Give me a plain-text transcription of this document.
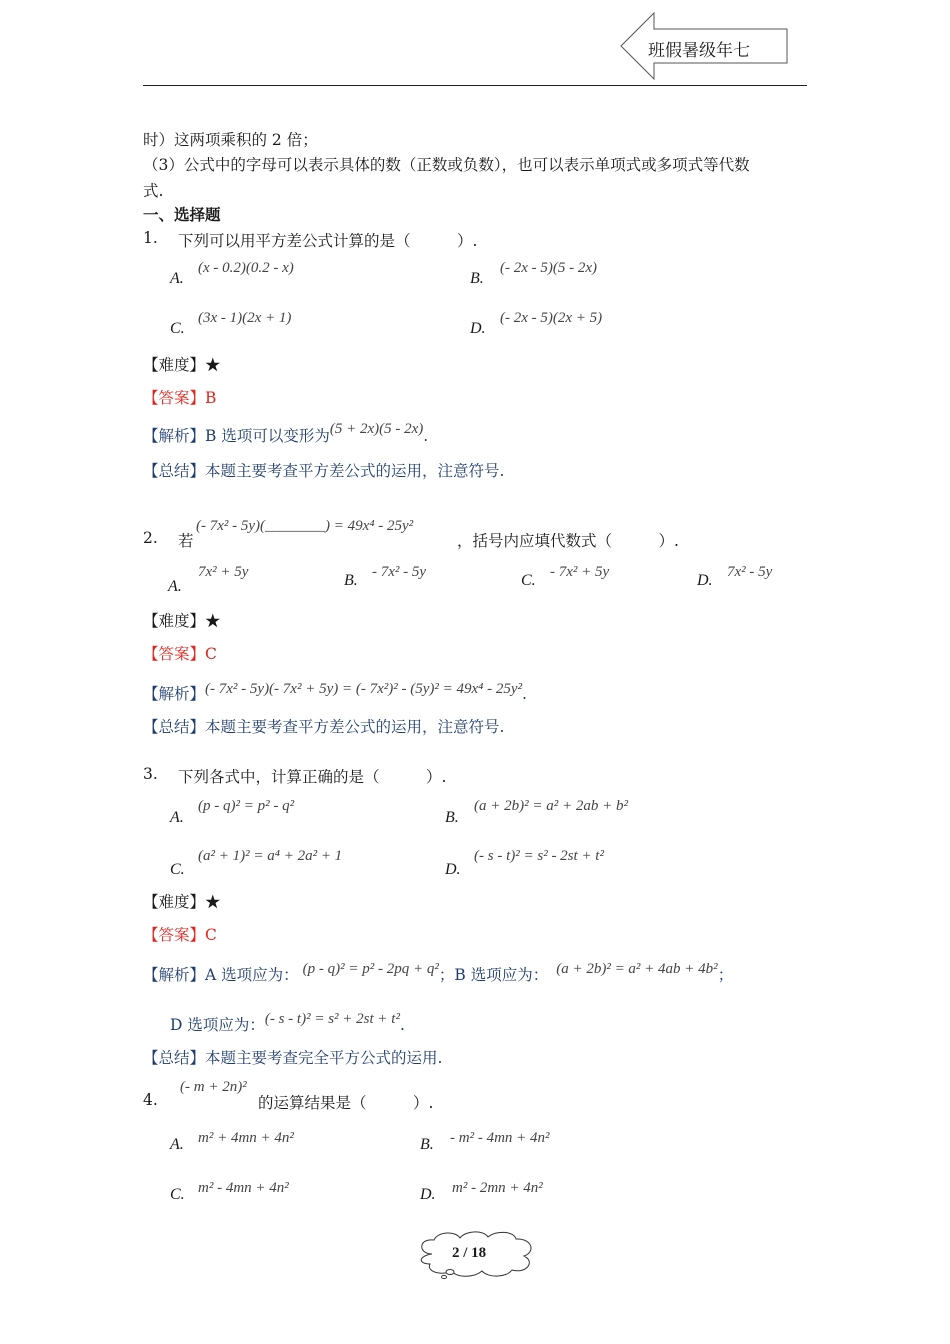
班假暑级年七
时）这两项乘积的 2 倍；
（3）公式中的字母可以表示具体的数（正数或负数），也可以表示单项式或多项式等代数
式.
一、选择题
1. 下列可以用平方差公式计算的是（　　　）.
A.
(x - 0.2)(0.2 - x)
B.
(- 2x - 5)(5 - 2x)
C.
(3x - 1)(2x + 1)
D.
(- 2x - 5)(2x + 5)
【难度】★
【答案】B
【解析】B 选项可以变形为(5 + 2x)(5 - 2x).
【总结】本题主要考查平方差公式的运用，注意符号.
2. 若
(- 7x² - 5y)(________) = 49x⁴ - 25y²
，括号内应填代数式（　　　）.
A.
7x² + 5y	B. - 7x² - 5y	C. - 7x² + 5y	D. 7x² - 5y
【难度】★
【答案】C
【解析】(- 7x² - 5y)(- 7x² + 5y) = (- 7x²)² - (5y)² = 49x⁴ - 25y².
【总结】本题主要考查平方差公式的运用，注意符号.
3. 下列各式中，计算正确的是（　　　）.
A.
(p - q)² = p² - q²
B.
(a + 2b)² = a² + 2ab + b²
C.
(a² + 1)² = a⁴ + 2a² + 1
D.
(- s - t)² = s² - 2st + t²
【难度】★
【答案】C
【解析】A 选项应为： (p - q)² = p² - 2pq + q²；B 选项应为： (a + 2b)² = a² + 4ab + 4b²；
D 选项应为：(- s - t)² = s² + 2st + t².
【总结】本题主要考查完全平方公式的运用.
4.
(- m + 2n)²
的运算结果是（　　　）.
A. m² + 4mn + 4n²	B. - m² - 4mn + 4n²
C. m² - 4mn + 4n²	D. m² - 2mn + 4n²
2 / 18
